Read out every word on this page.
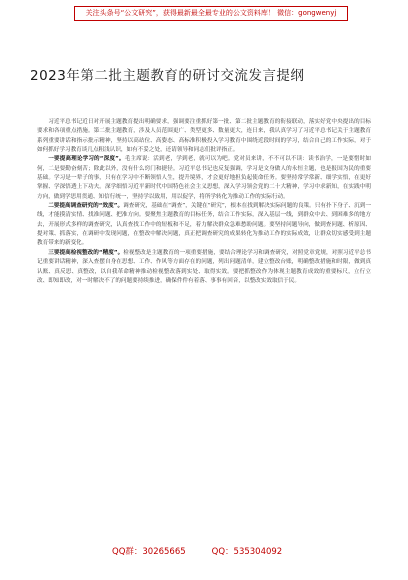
关注头条号“公文研究”，获得最新最全最专业的公文资料库！ 微信：gongwenyj
2023年第二批主题教育的研讨交流发言提纲

习近平总书记近日对开展主题教育提出明确要求，强调要注重抓好第一批、第二批主题教育的衔接联动，落实好党中央提出的目标要求和各项重点措施。第二批主题教育，涉及人员范围更广、类型更多、数量更大，连日来，我认真学习了习近平总书记关于主题教育系列重要讲话和指示批示精神，坚持以高站位、高姿态、高标准积极投入学习教育中围绕近段时间的学习，结合自己的工作实际，对于如何抓好学习教育谈几点粗浅认识，如有不妥之处，还请领导和同志们批评指正。

一要提高理论学习的“深度”。毛主席说：活到老，学到老，就可以为吧。党对员来讲，不不可以不读：读书治学，一是要惜时如何，二是要勤奋刻苦；除此以外，没有什么窍门和捷径。习近平总书记也反复强调，学习是文身做人的永恒主题，也是报国为民的重要基础。学习是一辈子的事，只有在学习中不断领悟人生，提升境界，才会更好地担负起使命任务。要坚持常学常新、细学实悟，在更好掌握、学深悟透上下功夫。深学细悟习近平新时代中国特色社会主义思想，深入学习领会党的二十大精神，学习中求新知，在实践中明方向，做到学思用贯通、知信行统一，坚持学以致用，用以促学，将所学转化为推动工作的实际行动。

二要提高调查研究的“效度”。调查研究，基础在“调查”，关键在“研究”，根本在找到解决实际问题的良策。只有扑下身子、沉到一线，才能摸清实情、找准问题、把准方向。要聚焦主题教育的目标任务，结合工作实际，深入基层一线，到群众中去、到困难多的地方去，开展形式多样的调查研究，认真查找工作中的短板和不足，着力解决群众急难愁盼问题。要坚持问题导向，做到查问题、析原因、提对策、抓落实，在调研中发现问题，在整改中解决问题，真正把调查研究的成果转化为推动工作的实际成效，让群众切实感受到主题教育带来的新变化。

三要提高检视整改的“精度”。检视整改是主题教育的一项重要措施，要结合理论学习和调查研究，对照党章党规，对照习近平总书记重要讲话精神，深入查摆自身在思想、工作、作风等方面存在的问题，列出问题清单，建立整改台账，明确整改措施和时限，做到真认账、真反思、真整改，以自我革命精神推动检视整改落到实处、取得实效。要把抓整改作为体现主题教育成效的重要标尺，立行立改、即知即改，对一时解决不了的问题要持续推进，确保件件有着落、事事有回音，以整改实效取信于民。

QQ群：30265665	QQ：535304092
